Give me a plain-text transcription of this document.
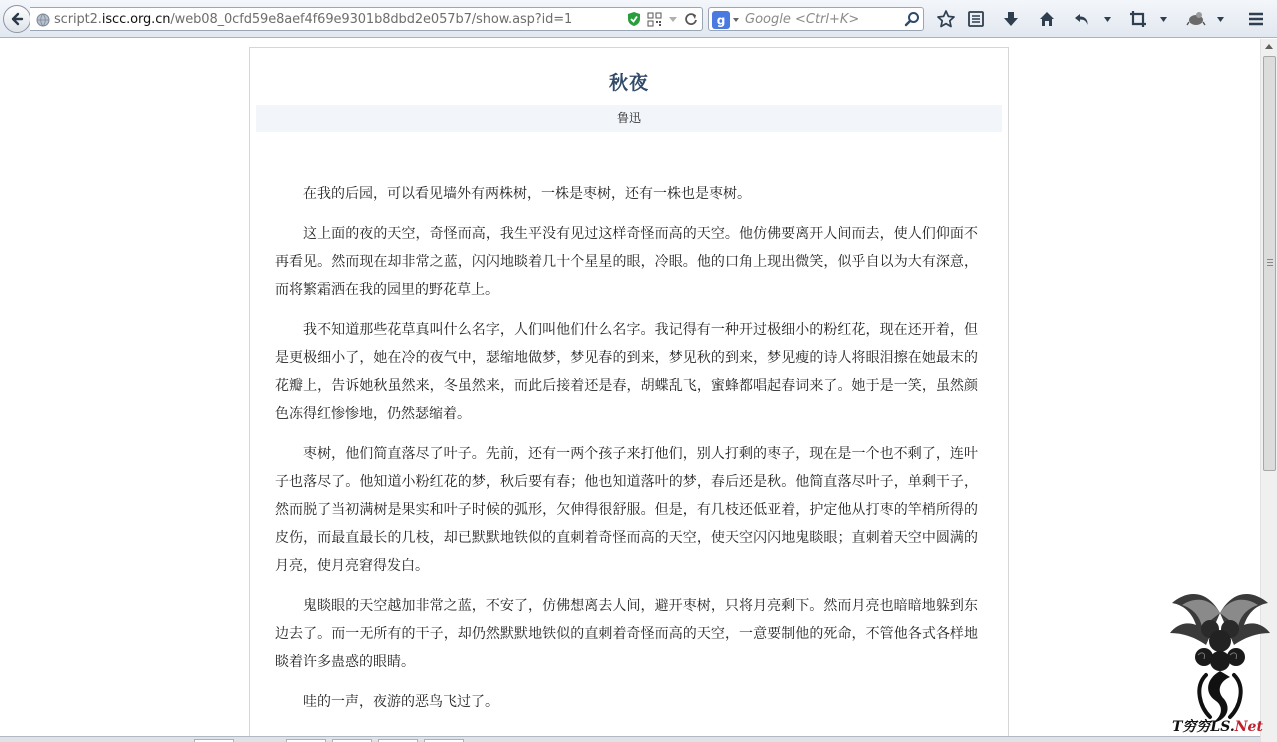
script2.iscc.org.cn/web08_0cfd59e8aef4f69e9301b8dbd2e057b7/show.asp?id=1	g Google <Ctrl+K>
秋夜
鲁迅

在我的后园，可以看见墙外有两株树，一株是枣树，还有一株也是枣树。

这上面的夜的天空，奇怪而高，我生平没有见过这样奇怪而高的天空。他仿佛要离开人间而去，使人们仰面不再看见。然而现在却非常之蓝，闪闪地睒着几十个星星的眼，冷眼。他的口角上现出微笑，似乎自以为大有深意，而将繁霜洒在我的园里的野花草上。

我不知道那些花草真叫什么名字，人们叫他们什么名字。我记得有一种开过极细小的粉红花，现在还开着，但是更极细小了，她在冷的夜气中，瑟缩地做梦，梦见春的到来，梦见秋的到来，梦见瘦的诗人将眼泪擦在她最末的花瓣上，告诉她秋虽然来，冬虽然来，而此后接着还是春，胡蝶乱飞，蜜蜂都唱起春词来了。她于是一笑，虽然颜色冻得红惨惨地，仍然瑟缩着。

枣树，他们简直落尽了叶子。先前，还有一两个孩子来打他们，别人打剩的枣子，现在是一个也不剩了，连叶子也落尽了。他知道小粉红花的梦，秋后要有春；他也知道落叶的梦，春后还是秋。他简直落尽叶子，单剩干子，然而脱了当初满树是果实和叶子时候的弧形，欠伸得很舒服。但是，有几枝还低亚着，护定他从打枣的竿梢所得的皮伤，而最直最长的几枝，却已默默地铁似的直刺着奇怪而高的天空，使天空闪闪地鬼睒眼；直刺着天空中圆满的月亮，使月亮窘得发白。

鬼睒眼的天空越加非常之蓝，不安了，仿佛想离去人间，避开枣树，只将月亮剩下。然而月亮也暗暗地躲到东边去了。而一无所有的干子，却仍然默默地铁似的直刺着奇怪而高的天空，一意要制他的死命，不管他各式各样地睒着许多蛊惑的眼睛。

哇的一声，夜游的恶鸟飞过了。

T穷穷LS.Net
